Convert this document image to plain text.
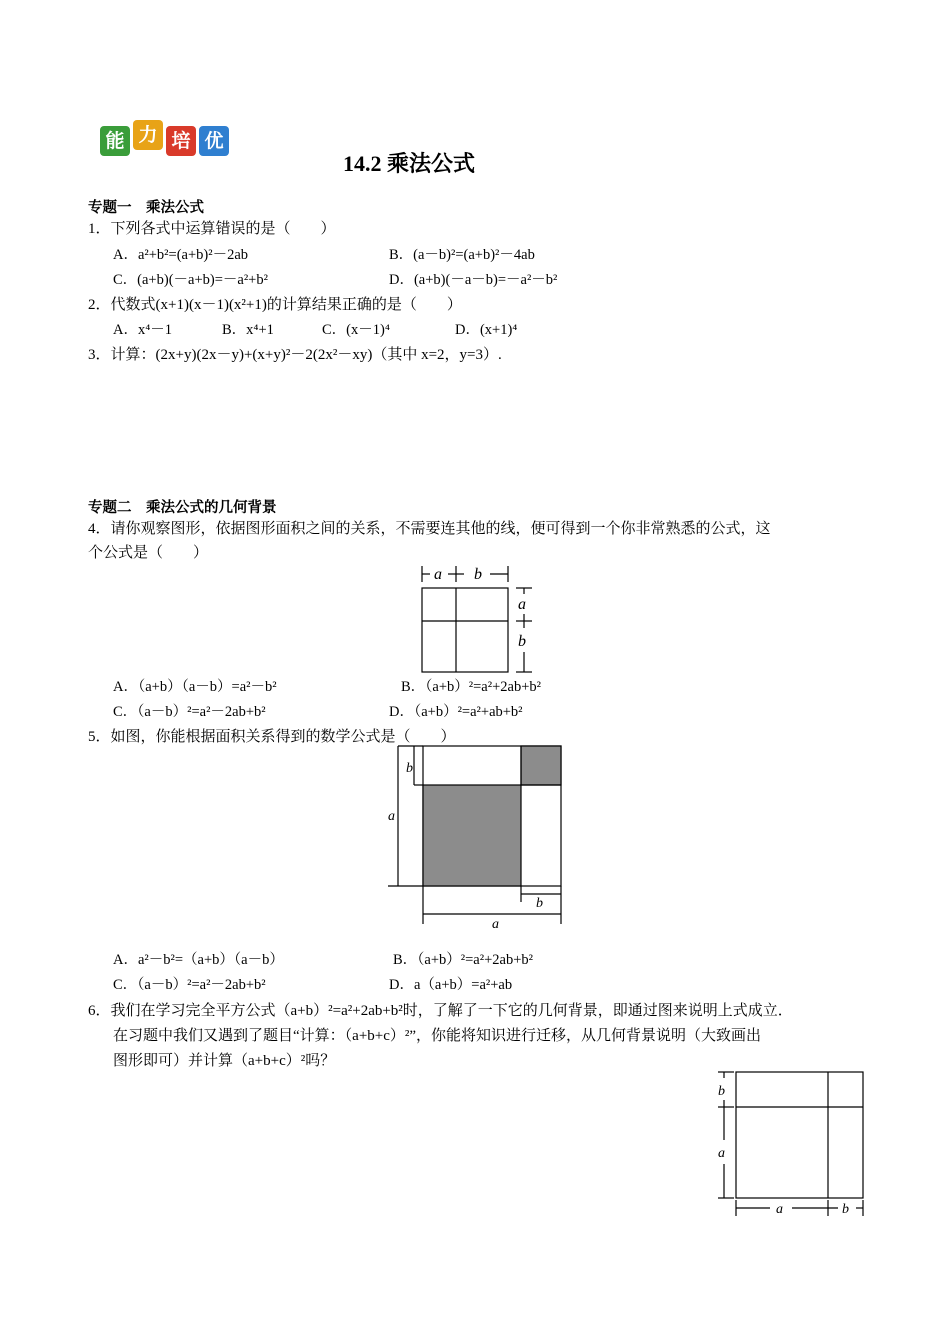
能 力 培 优
14.2 乘法公式
专题一　乘法公式
1．下列各式中运算错误的是（　　）
A．a²+b²=(a+b)²－2ab	B．(a－b)²=(a+b)²－4ab
C．(a+b)(－a+b)=－a²+b²	D．(a+b)(－a－b)=－a²－b²
2．代数式(x+1)(x－1)(x²+1)的计算结果正确的是（　　）
A．x⁴－1	B．x⁴+1	C．(x－1)⁴	D．(x+1)⁴
3．计算：(2x+y)(2x－y)+(x+y)²－2(2x²－xy)（其中 x=2，y=3）.
专题二　乘法公式的几何背景
4．请你观察图形，依据图形面积之间的关系，不需要连其他的线，便可得到一个你非常熟悉的公式，这
个公式是（　　）
a b
a
b
A．（a+b）（a－b）=a²－b²	B．（a+b）²=a²+2ab+b²
C．（a－b）²=a²－2ab+b²	D．（a+b）²=a²+ab+b²
5．如图，你能根据面积关系得到的数学公式是（　　）
b
a
b
a
A．a²－b²=（a+b）（a－b）	B．（a+b）²=a²+2ab+b²
C．（a－b）²=a²－2ab+b²	D．a（a+b）=a²+ab
6．我们在学习完全平方公式（a+b）²=a²+2ab+b²时，了解了一下它的几何背景，即通过图来说明上式成立．
在习题中我们又遇到了题目“计算：（a+b+c）²”，你能将知识进行迁移，从几何背景说明（大致画出
图形即可）并计算（a+b+c）²吗？
b
a
a	b
